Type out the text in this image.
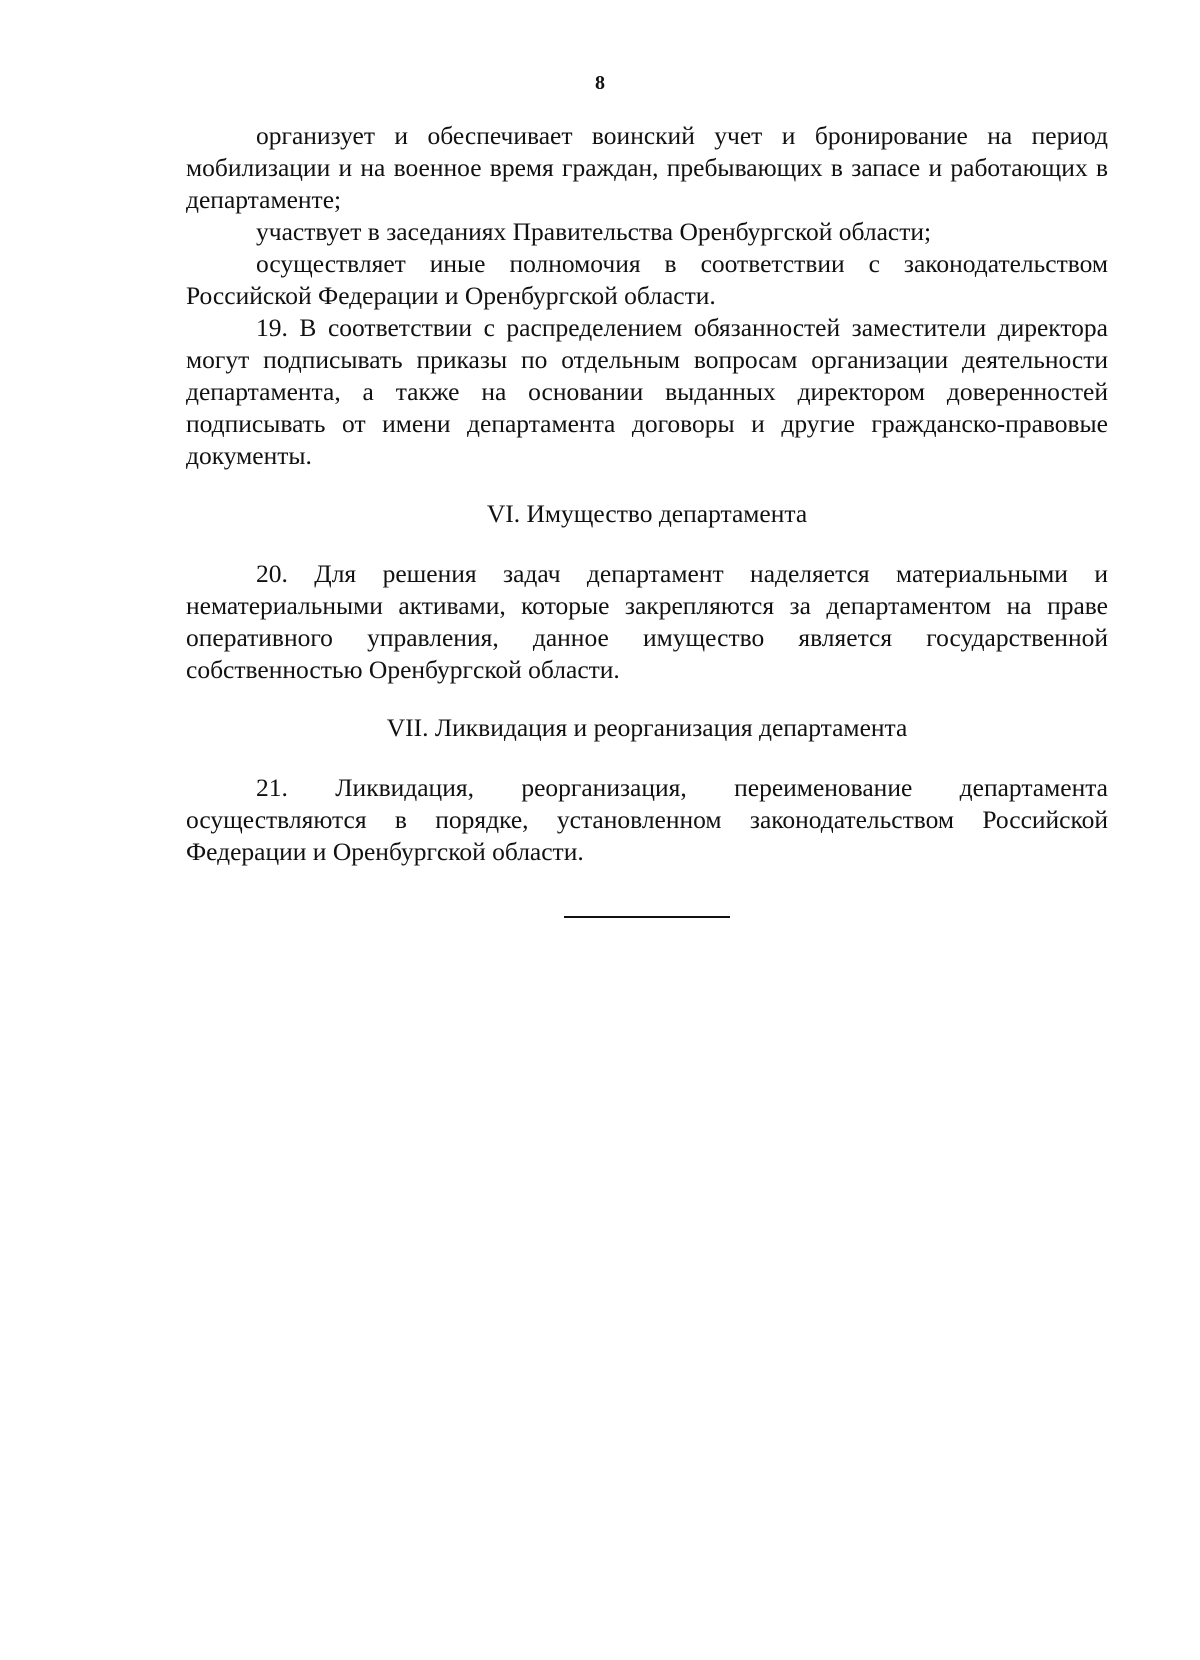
8

организует и обеспечивает воинский учет и бронирование на период мобилизации и на военное время граждан, пребывающих в запасе и работающих в департаменте;

участвует в заседаниях Правительства Оренбургской области;

осуществляет иные полномочия в соответствии с законодательством Российской Федерации и Оренбургской области.

19. В соответствии с распределением обязанностей заместители директора могут подписывать приказы по отдельным вопросам организации деятельности департамента, а также на основании выданных директором доверенностей подписывать от имени департамента договоры и другие гражданско-правовые документы.

VI. Имущество департамента

20. Для решения задач департамент наделяется материальными и нематериальными активами, которые закрепляются за департаментом на праве оперативного управления, данное имущество является государственной собственностью Оренбургской области.

VII. Ликвидация и реорганизация департамента

21. Ликвидация, реорганизация, переименование департамента осуществляются в порядке, установленном законодательством Российской Федерации и Оренбургской области.
